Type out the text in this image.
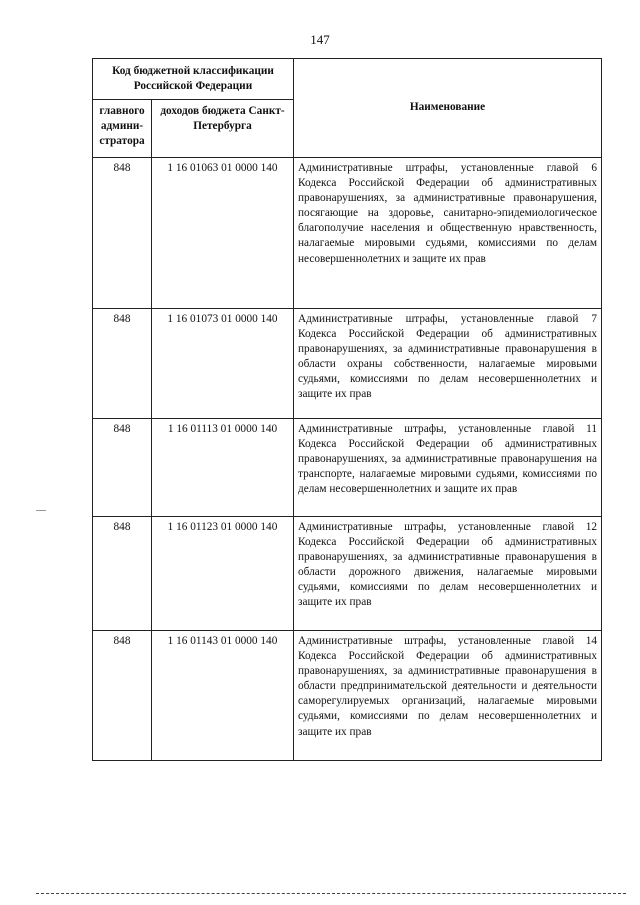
147
Код бюджетной классификации Российской Федерации		Наименование
главного админи-стратора	доходов бюджета Санкт-Петербурга	
848	1 16 01063 01 0000 140	Административные штрафы, установленные главой 6 Кодекса Российской Федерации об административных правонарушениях, за административные правонарушения, посягающие на здоровье, санитарно-эпидемиологическое благополучие населения и общественную нравственность, налагаемые мировыми судьями, комиссиями по делам несовершеннолетних и защите их прав
848	1 16 01073 01 0000 140	Административные штрафы, установленные главой 7 Кодекса Российской Федерации об административных правонарушениях, за административные правонарушения в области охраны собственности, налагаемые мировыми судьями, комиссиями по делам несовершеннолетних и защите их прав
848	1 16 01113 01 0000 140	Административные штрафы, установленные главой 11 Кодекса Российской Федерации об административных правонарушениях, за административные правонарушения на транспорте, налагаемые мировыми судьями, комиссиями по делам несовершеннолетних и защите их прав
848	1 16 01123 01 0000 140	Административные штрафы, установленные главой 12 Кодекса Российской Федерации об административных правонарушениях, за административные правонарушения в области дорожного движения, налагаемые мировыми судьями, комиссиями по делам несовершеннолетних и защите их прав
848	1 16 01143 01 0000 140	Административные штрафы, установленные главой 14 Кодекса Российской Федерации об административных правонарушениях, за административные правонарушения в области предпринимательской деятельности и деятельности саморегулируемых организаций, налагаемые мировыми судьями, комиссиями по делам несовершеннолетних и защите их прав
